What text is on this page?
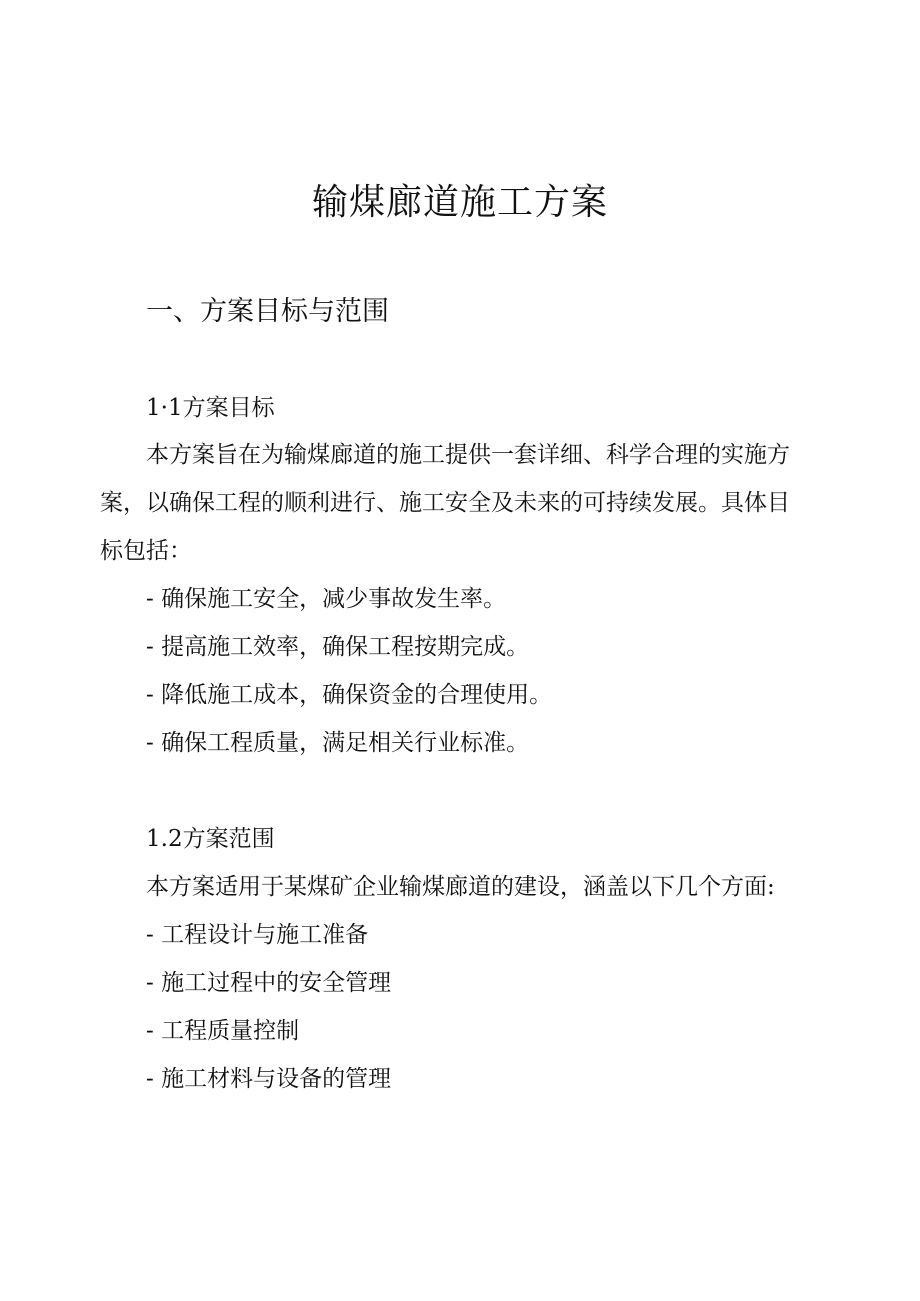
输煤廊道施工方案
一、方案目标与范围

1·1方案目标

本方案旨在为输煤廊道的施工提供一套详细、科学合理的实施方

案，以确保工程的顺利进行、施工安全及未来的可持续发展。具体目

标包括：

- 确保施工安全，减少事故发生率。

- 提高施工效率，确保工程按期完成。

- 降低施工成本，确保资金的合理使用。

- 确保工程质量，满足相关行业标准。

1.2方案范围

本方案适用于某煤矿企业输煤廊道的建设，涵盖以下几个方面:

- 工程设计与施工准备

- 施工过程中的安全管理

- 工程质量控制

- 施工材料与设备的管理
